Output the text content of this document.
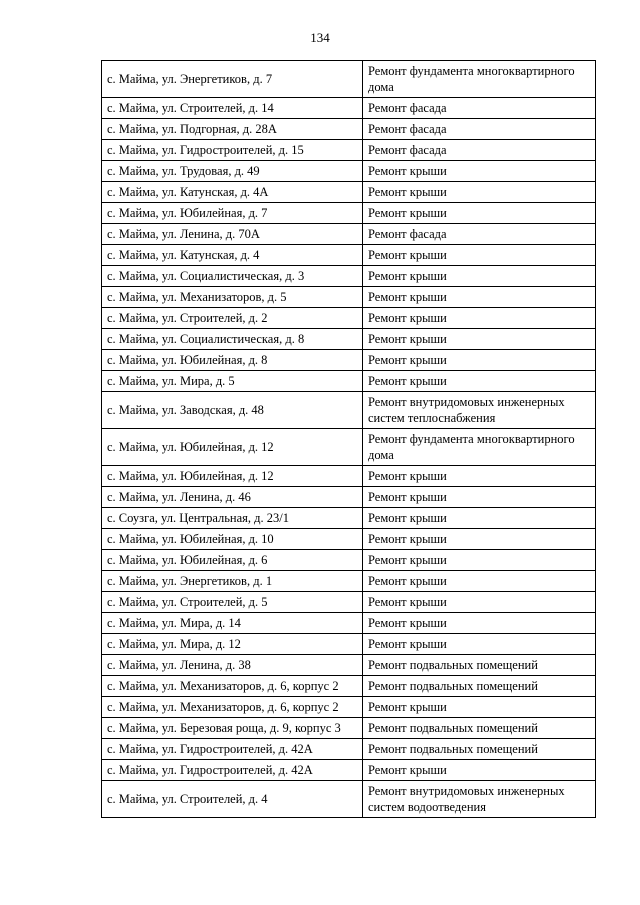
134
с. Майма, ул. Энергетиков, д. 7	Ремонт фундамента многоквартирного дома
с. Майма, ул. Строителей, д. 14	Ремонт фасада
с. Майма, ул. Подгорная, д. 28А	Ремонт фасада
с. Майма, ул. Гидростроителей, д. 15	Ремонт фасада
с. Майма, ул. Трудовая, д. 49	Ремонт крыши
с. Майма, ул. Катунская, д. 4А	Ремонт крыши
с. Майма, ул. Юбилейная, д. 7	Ремонт крыши
с. Майма, ул. Ленина, д. 70А	Ремонт фасада
с. Майма, ул. Катунская, д. 4	Ремонт крыши
с. Майма, ул. Социалистическая, д. 3	Ремонт крыши
с. Майма, ул. Механизаторов, д. 5	Ремонт крыши
с. Майма, ул. Строителей, д. 2	Ремонт крыши
с. Майма, ул. Социалистическая, д. 8	Ремонт крыши
с. Майма, ул. Юбилейная, д. 8	Ремонт крыши
с. Майма, ул. Мира, д. 5	Ремонт крыши
с. Майма, ул. Заводская, д. 48	Ремонт внутридомовых инженерных систем теплоснабжения
с. Майма, ул. Юбилейная, д. 12	Ремонт фундамента многоквартирного дома
с. Майма, ул. Юбилейная, д. 12	Ремонт крыши
с. Майма, ул. Ленина, д. 46	Ремонт крыши
с. Соузга, ул. Центральная, д. 23/1	Ремонт крыши
с. Майма, ул. Юбилейная, д. 10	Ремонт крыши
с. Майма, ул. Юбилейная, д. 6	Ремонт крыши
с. Майма, ул. Энергетиков, д. 1	Ремонт крыши
с. Майма, ул. Строителей, д. 5	Ремонт крыши
с. Майма, ул. Мира, д. 14	Ремонт крыши
с. Майма, ул. Мира, д. 12	Ремонт крыши
с. Майма, ул. Ленина, д. 38	Ремонт подвальных помещений
с. Майма, ул. Механизаторов, д. 6, корпус 2	Ремонт подвальных помещений
с. Майма, ул. Механизаторов, д. 6, корпус 2	Ремонт крыши
с. Майма, ул. Березовая роща, д. 9, корпус 3	Ремонт подвальных помещений
с. Майма, ул. Гидростроителей, д. 42А	Ремонт подвальных помещений
с. Майма, ул. Гидростроителей, д. 42А	Ремонт крыши
с. Майма, ул. Строителей, д. 4	Ремонт внутридомовых инженерных систем водоотведения
